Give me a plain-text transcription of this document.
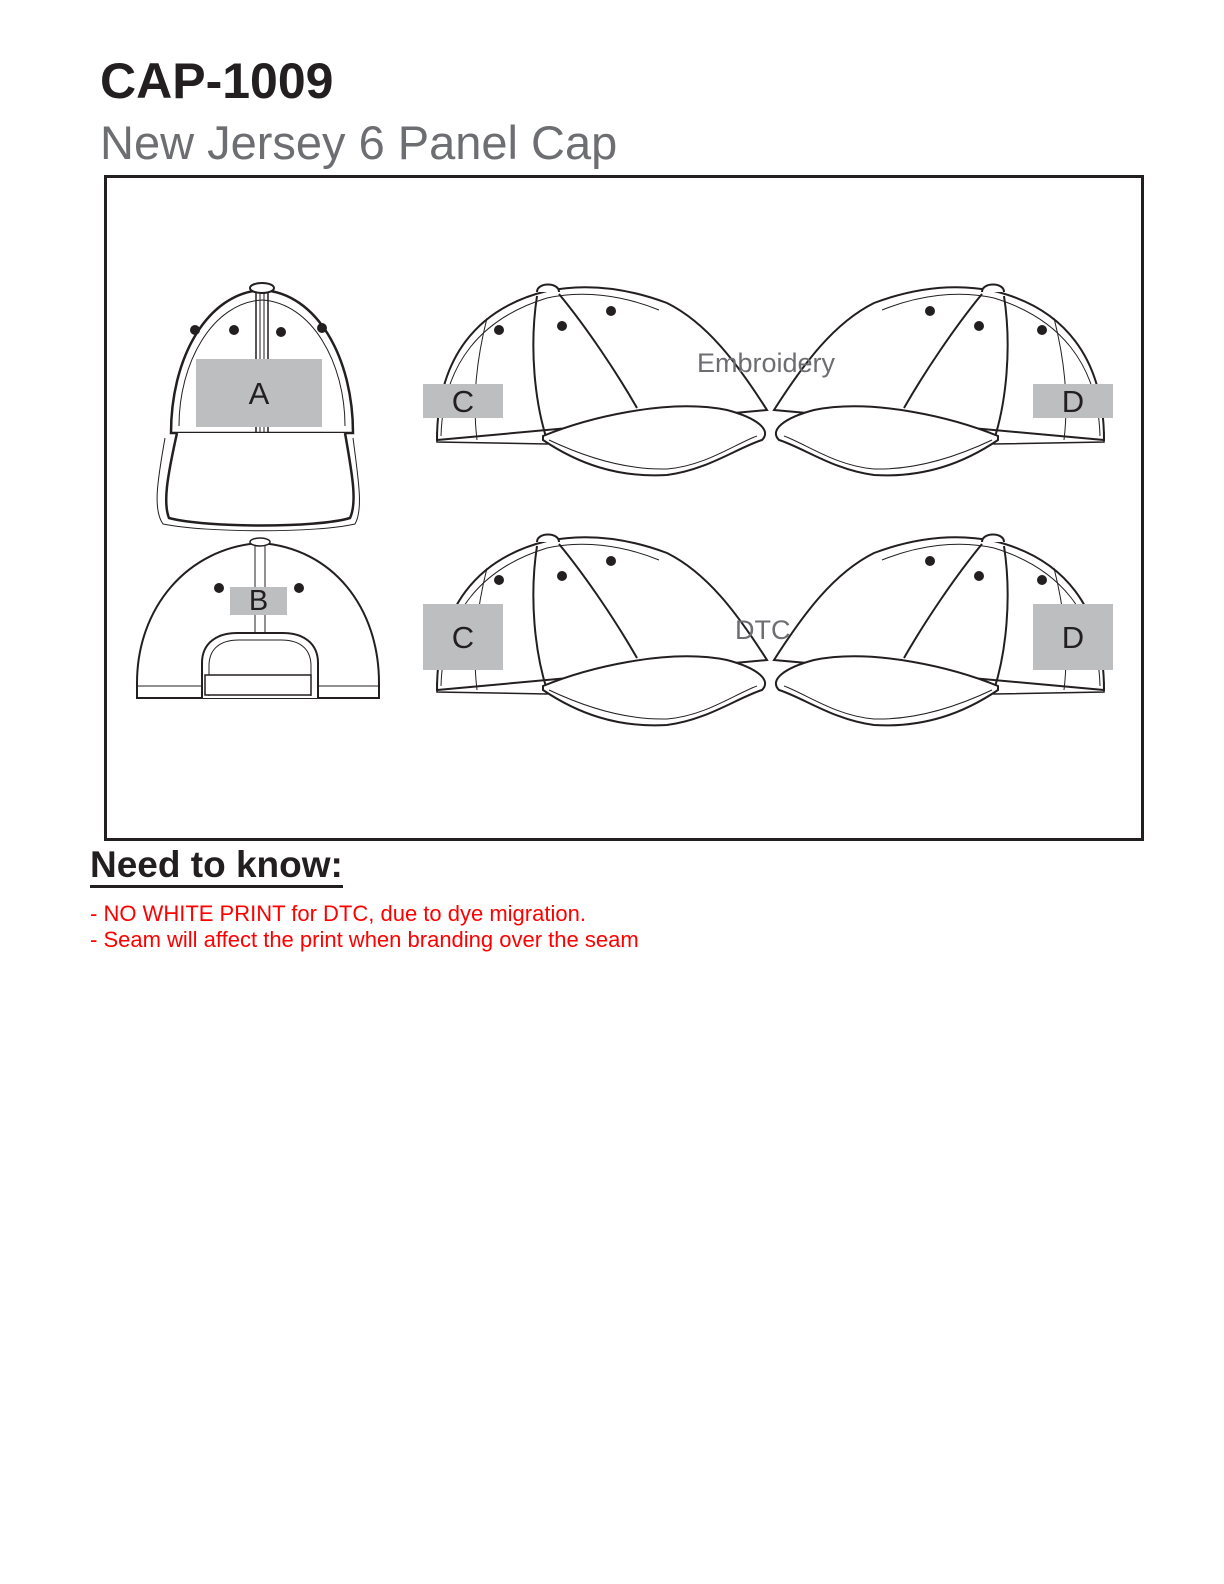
CAP-1009
New Jersey 6 Panel Cap
A
B
C	D
C	D
Embroidery
DTC
Need to know:
- NO WHITE PRINT for DTC, due to dye migration.
- Seam will affect the print when branding over the seam
